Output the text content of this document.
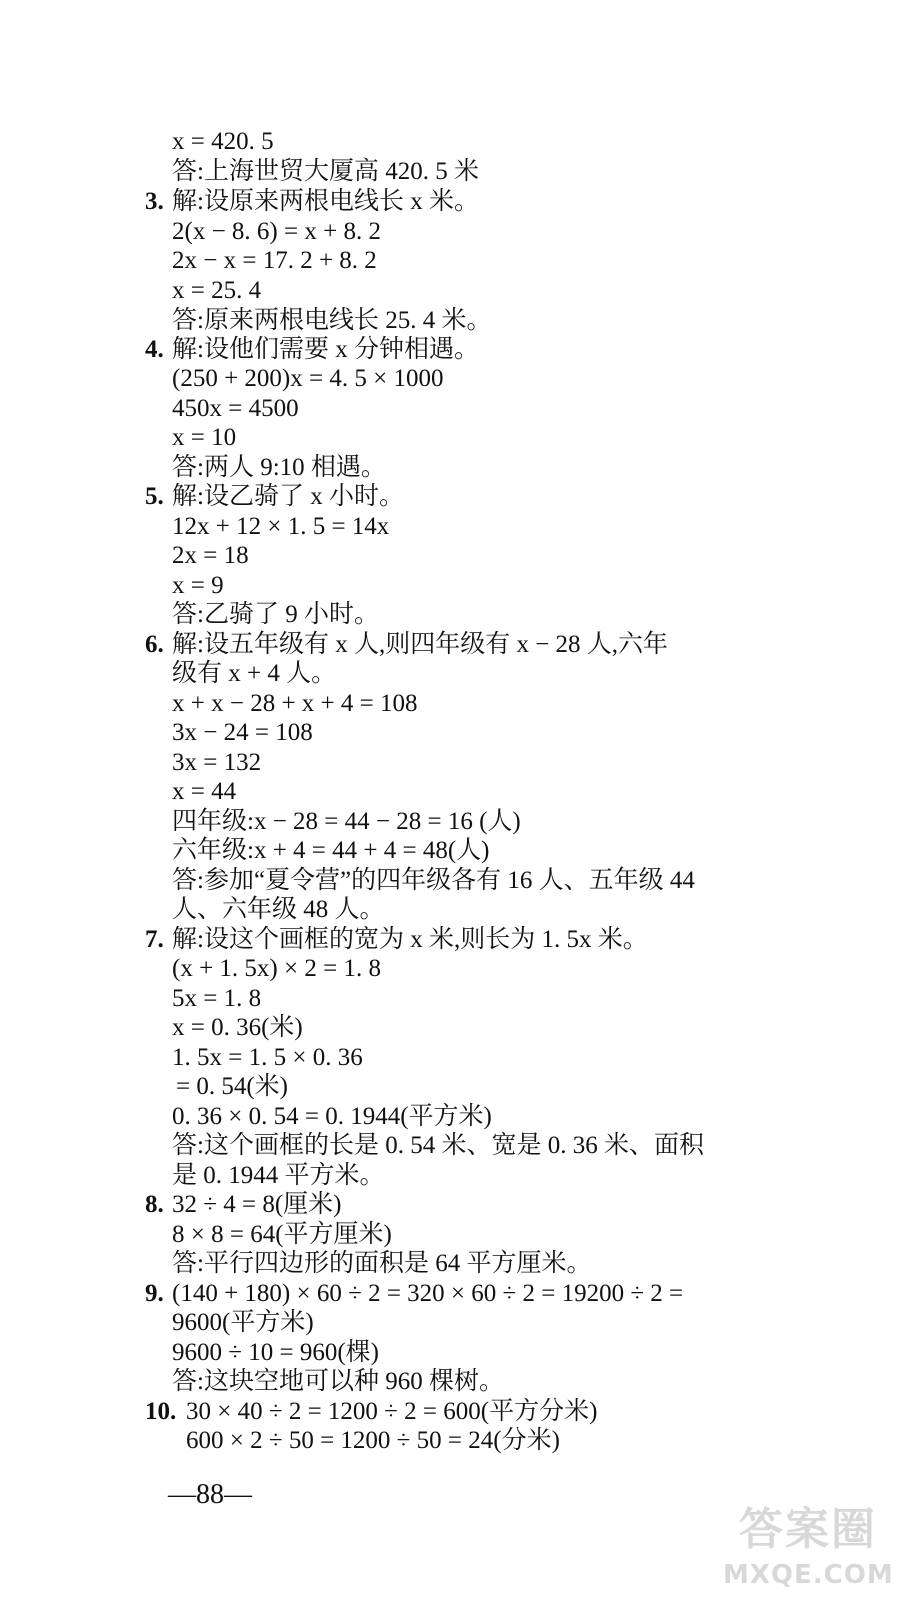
x = 420. 5
答:上海世贸大厦高 420. 5 米
3. 解:设原来两根电线长 x 米。
2(x − 8. 6) = x + 8. 2
2x − x = 17. 2 + 8. 2
x = 25. 4
答:原来两根电线长 25. 4 米。
4. 解:设他们需要 x 分钟相遇。
(250 + 200)x = 4. 5 × 1000
450x = 4500
x = 10
答:两人 9:10 相遇。
5. 解:设乙骑了 x 小时。
12x + 12 × 1. 5 = 14x
2x = 18
x = 9
答:乙骑了 9 小时。
6. 解:设五年级有 x 人,则四年级有 x − 28 人,六年
级有 x + 4 人。
x + x − 28 + x + 4 = 108
3x − 24 = 108
3x = 132
x = 44
四年级:x − 28 = 44 − 28 = 16 (人)
六年级:x + 4 = 44 + 4 = 48(人)
答:参加“夏令营”的四年级各有 16 人、五年级 44
人、六年级 48 人。
7. 解:设这个画框的宽为 x 米,则长为 1. 5x 米。
(x + 1. 5x) × 2 = 1. 8
5x = 1. 8
x = 0. 36(米)
1. 5x = 1. 5 × 0. 36
= 0. 54(米)
0. 36 × 0. 54 = 0. 1944(平方米)
答:这个画框的长是 0. 54 米、宽是 0. 36 米、面积
是 0. 1944 平方米。
8. 32 ÷ 4 = 8(厘米)
8 × 8 = 64(平方厘米)
答:平行四边形的面积是 64 平方厘米。
9. (140 + 180) × 60 ÷ 2 = 320 × 60 ÷ 2 = 19200 ÷ 2 =
9600(平方米)
9600 ÷ 10 = 960(棵)
答:这块空地可以种 960 棵树。
10. 30 × 40 ÷ 2 = 1200 ÷ 2 = 600(平方分米)
600 × 2 ÷ 50 = 1200 ÷ 50 = 24(分米)
—88—
答案圈
MXQE.COM
